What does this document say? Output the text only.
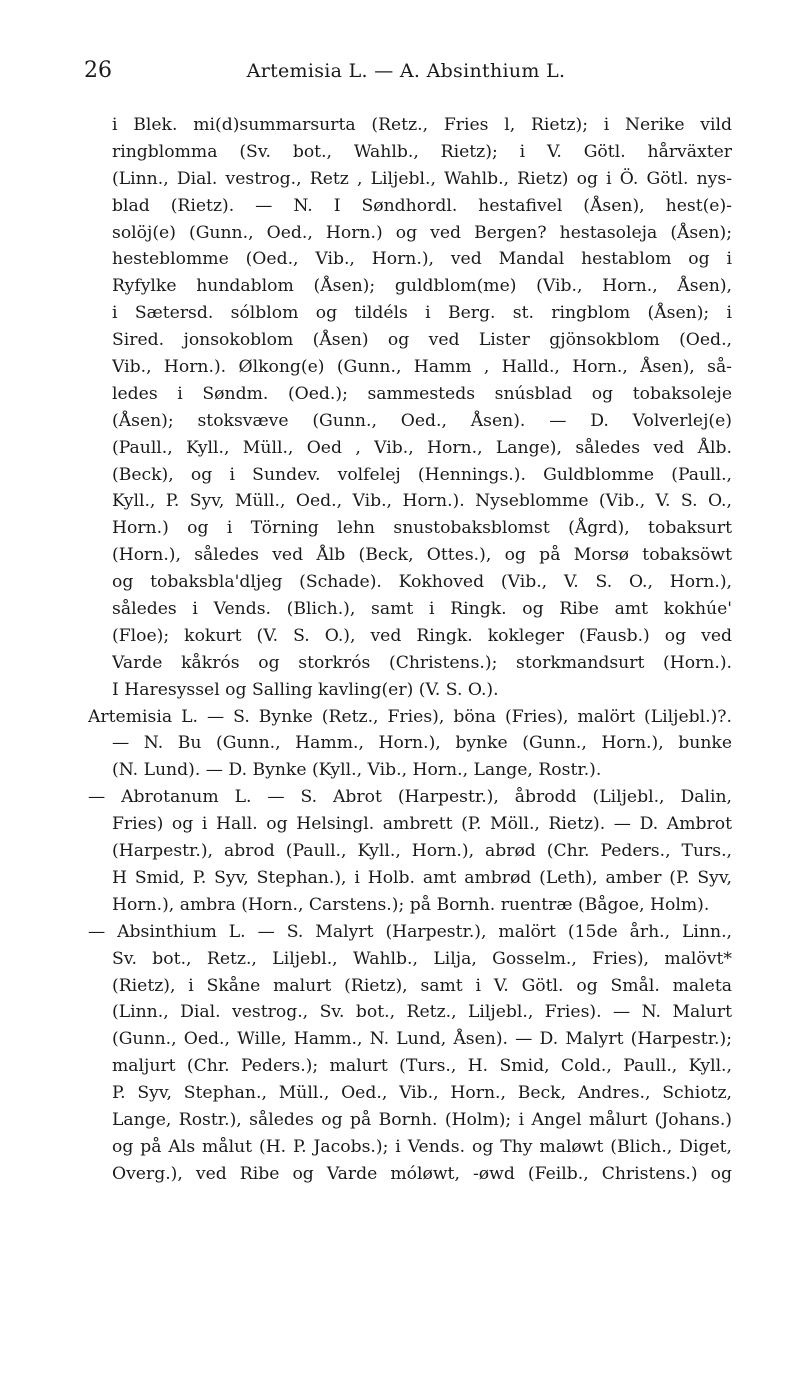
26	Artemisia L. — A. Absinthium L.
i Blek. mi(d)summarsurta (Retz., Fries l, Rietz); i Nerike vild
ringblomma (Sv. bot., Wahlb., Rietz); i V. Götl. hårväxter
(Linn., Dial. vestrog., Retz , Liljebl., Wahlb., Rietz) og i Ö. Götl. nys-
blad (Rietz). — N. I Søndhordl. hestafivel (Åsen), hest(e)-
solöj(e) (Gunn., Oed., Horn.) og ved Bergen? hestasoleja (Åsen);
hesteblomme (Oed., Vib., Horn.), ved Mandal hestablom og i
Ryfylke hundablom (Åsen); guldblom(me) (Vib., Horn., Åsen),
i Sætersd. sólblom og tildéls i Berg. st. ringblom (Åsen); i
Sired. jonsokoblom (Åsen) og ved Lister gjönsokblom (Oed.,
Vib., Horn.). Ølkong(e) (Gunn., Hamm , Halld., Horn., Åsen), så-
ledes i Søndm. (Oed.); sammesteds snúsblad og tobaksoleje
(Åsen); stoksvæve (Gunn., Oed., Åsen). — D. Volverlej(e)
(Paull., Kyll., Müll., Oed , Vib., Horn., Lange), således ved Ålb.
(Beck), og i Sundev. volfelej (Hennings.). Guldblomme (Paull.,
Kyll., P. Syv, Müll., Oed., Vib., Horn.). Nyseblomme (Vib., V. S. O.,
Horn.) og i Törning lehn snustobaksblomst (Ågrd), tobaksurt
(Horn.), således ved Ålb (Beck, Ottes.), og på Morsø tobaksöwt
og tobaksbla'dljeg (Schade). Kokhoved (Vib., V. S. O., Horn.),
således i Vends. (Blich.), samt i Ringk. og Ribe amt kokhúe'
(Floe); kokurt (V. S. O.), ved Ringk. kokleger (Fausb.) og ved
Varde kåkrós og storkrós (Christens.); storkmandsurt (Horn.).
I Haresyssel og Salling kavling(er) (V. S. O.).
Artemisia L. — S. Bynke (Retz., Fries), böna (Fries), malört (Liljebl.)?.
— N. Bu (Gunn., Hamm., Horn.), bynke (Gunn., Horn.), bunke
(N. Lund). — D. Bynke (Kyll., Vib., Horn., Lange, Rostr.).
— Abrotanum L. — S. Abrot (Harpestr.), åbrodd (Liljebl., Dalin,
Fries) og i Hall. og Helsingl. ambrett (P. Möll., Rietz). — D. Ambrot
(Harpestr.), abrod (Paull., Kyll., Horn.), abrød (Chr. Peders., Turs.,
H Smid, P. Syv, Stephan.), i Holb. amt ambrød (Leth), amber (P. Syv,
Horn.), ambra (Horn., Carstens.); på Bornh. ruentræ (Bågoe, Holm).
— Absinthium L. — S. Malyrt (Harpestr.), malört (15de årh., Linn.,
Sv. bot., Retz., Liljebl., Wahlb., Lilja, Gosselm., Fries), malövt*
(Rietz), i Skåne malurt (Rietz), samt i V. Götl. og Smål. maleta
(Linn., Dial. vestrog., Sv. bot., Retz., Liljebl., Fries). — N. Malurt
(Gunn., Oed., Wille, Hamm., N. Lund, Åsen). — D. Malyrt (Harpestr.);
maljurt (Chr. Peders.); malurt (Turs., H. Smid, Cold., Paull., Kyll.,
P. Syv, Stephan., Müll., Oed., Vib., Horn., Beck, Andres., Schiotz,
Lange, Rostr.), således og på Bornh. (Holm); i Angel målurt (Johans.)
og på Als målut (H. P. Jacobs.); i Vends. og Thy maløwt (Blich., Diget,
Overg.), ved Ribe og Varde móløwt, -øwd (Feilb., Christens.) og
